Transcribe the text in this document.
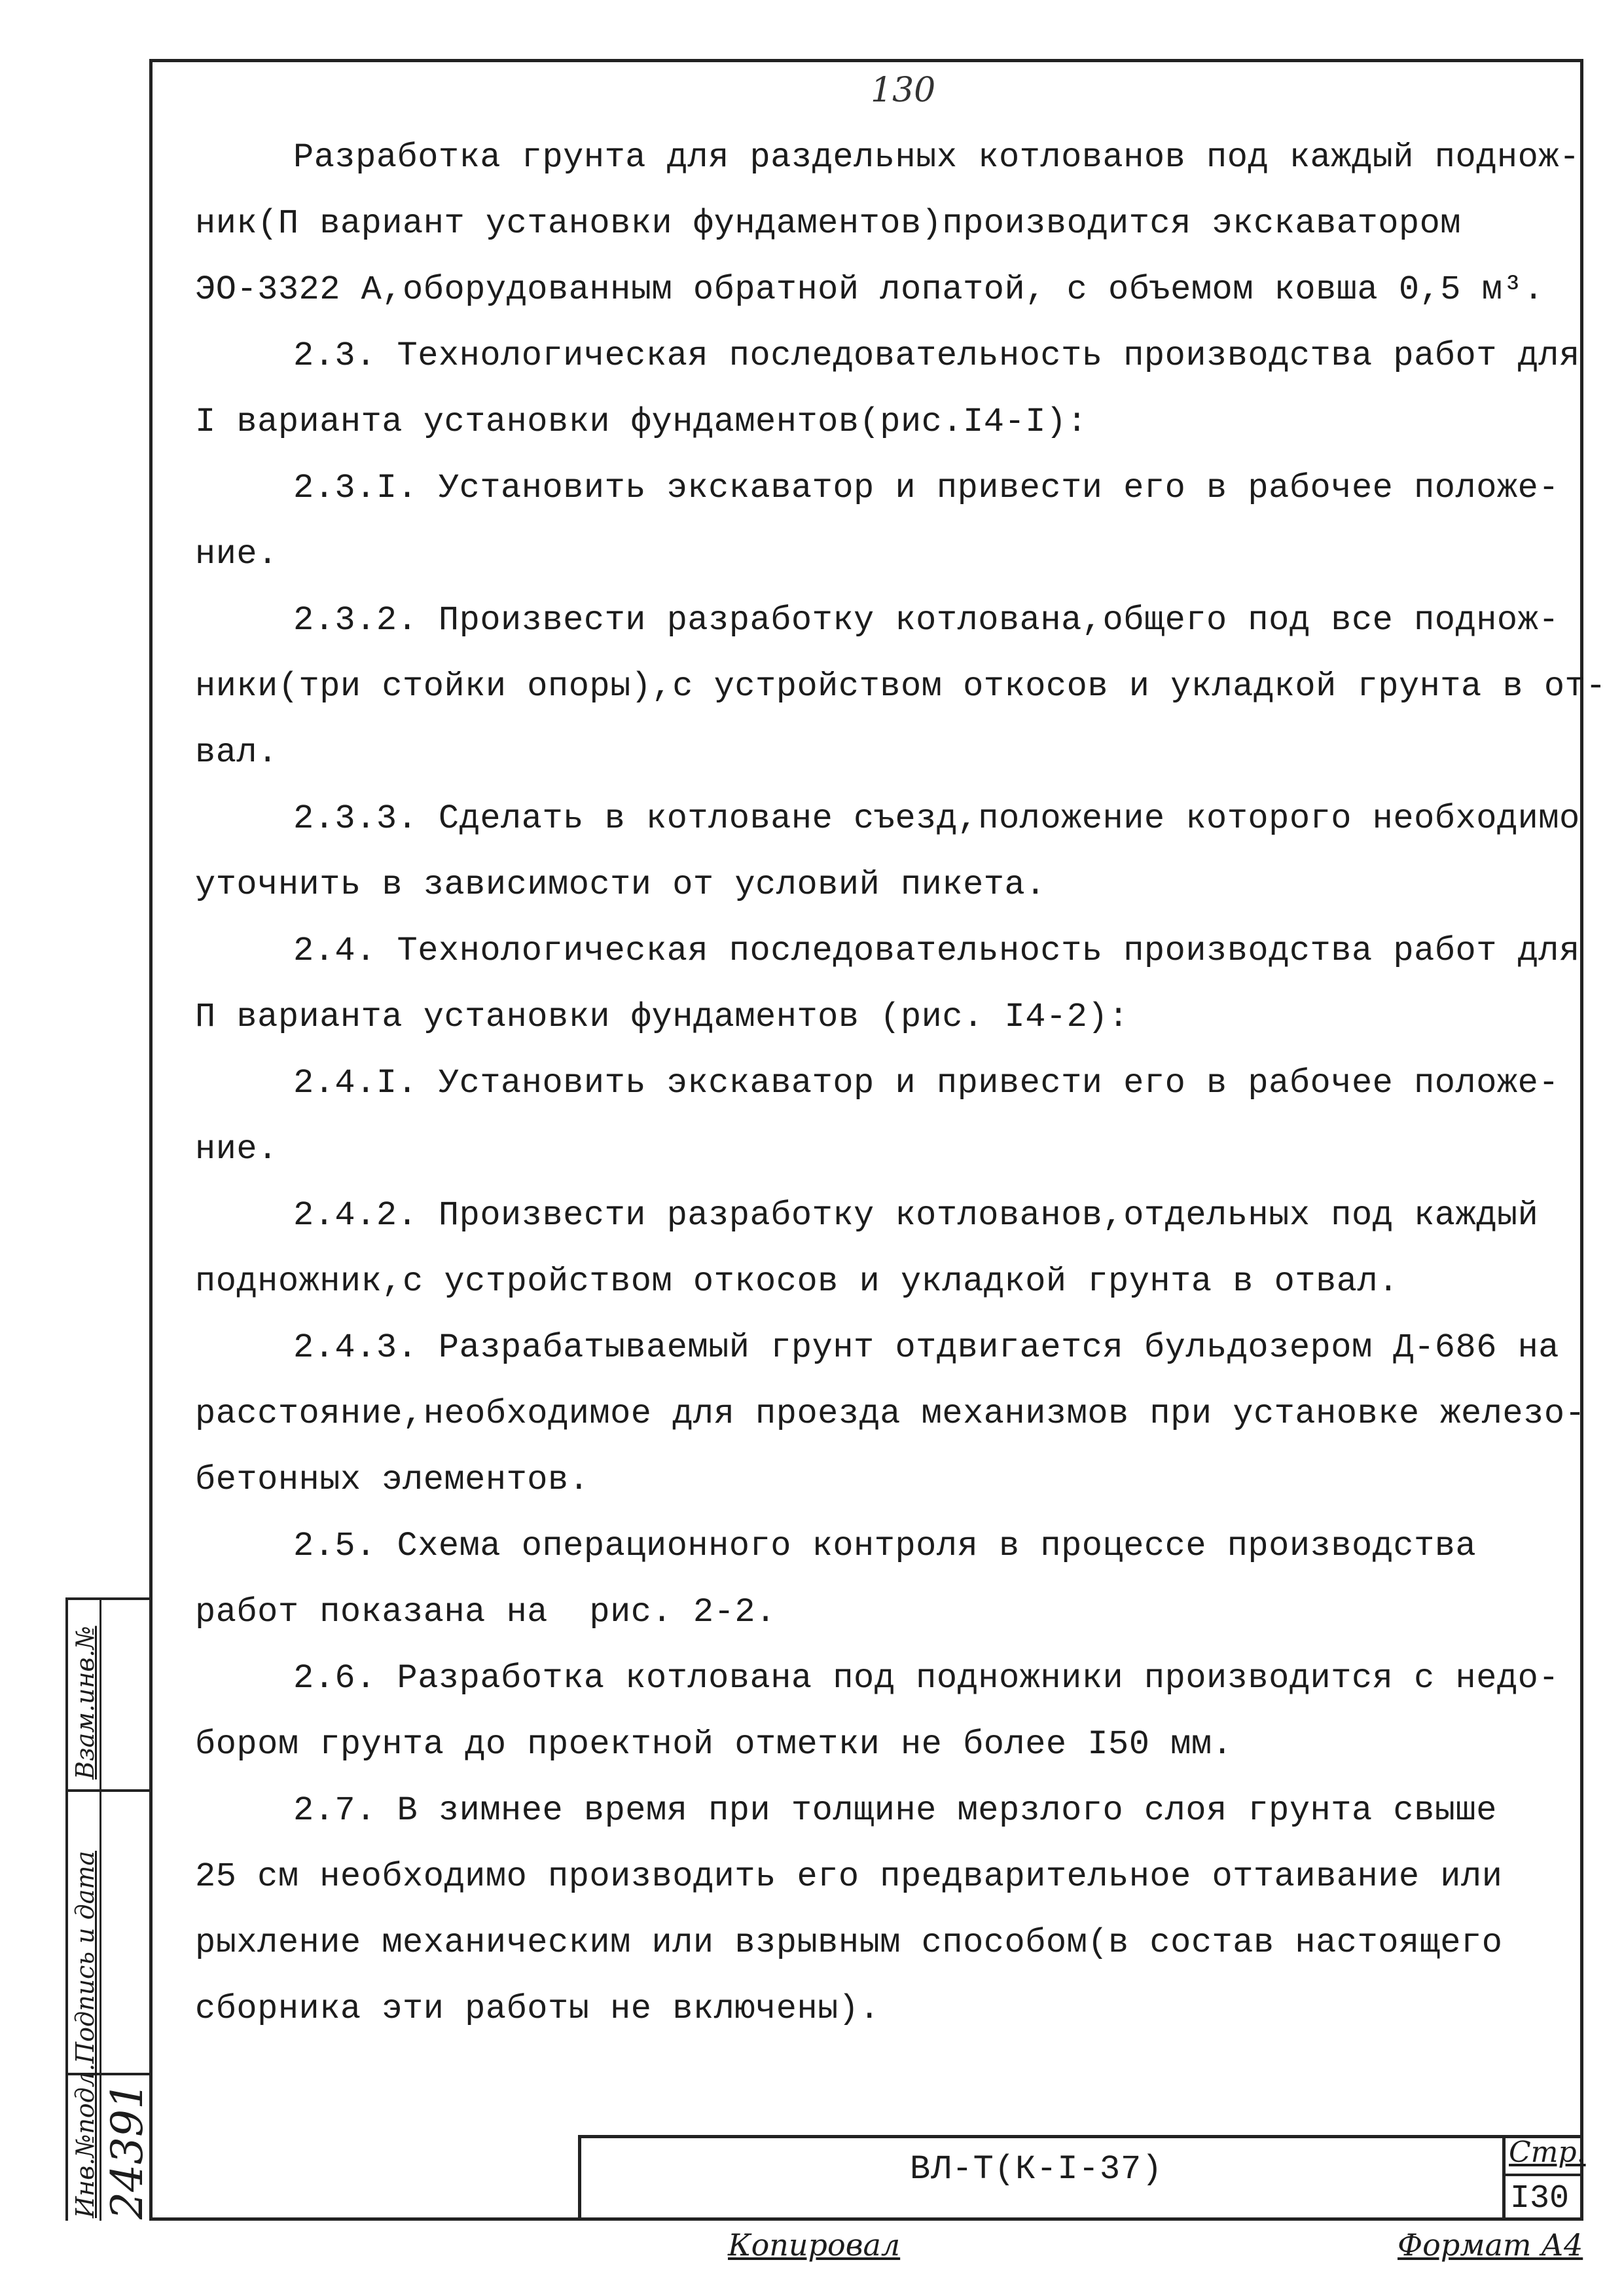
130
Разработка грунта для раздельных котлованов под каждый поднож-
ник(П вариант установки фундаментов)производится экскаватором
ЭО-3322 А,оборудованным обратной лопатой, с объемом ковша 0,5 м³.
2.3. Технологическая последовательность производства работ для
I варианта установки фундаментов(рис.I4-I):
2.3.I. Установить экскаватор и привести его в рабочее положе-
ние.
2.3.2. Произвести разработку котлована,общего под все поднож-
ники(три стойки опоры),с устройством откосов и укладкой грунта в от-
вал.
2.3.3. Сделать в котловане съезд,положение которого необходимо
уточнить в зависимости от условий пикета.
2.4. Технологическая последовательность производства работ для
П варианта установки фундаментов (рис. I4-2):
2.4.I. Установить экскаватор и привести его в рабочее положе-
ние.
2.4.2. Произвести разработку котлованов,отдельных под каждый
подножник,с устройством откосов и укладкой грунта в отвал.
2.4.3. Разрабатываемый грунт отдвигается бульдозером Д-686 на
расстояние,необходимое для проезда механизмов при установке железо-
бетонных элементов.
2.5. Схема операционного контроля в процессе производства
работ показана на  рис. 2-2.
2.6. Разработка котлована под подножники производится с недо-
бором грунта до проектной отметки не более I50 мм.
2.7. В зимнее время при толщине мерзлого слоя грунта свыше
25 см необходимо производить его предварительное оттаивание или
рыхление механическим или взрывным способом(в состав настоящего
сборника эти работы не включены).
Взам.инв.№
Подпись и дата
Инв.№подл. 24391	ВЛ-Т(К-I-37)	Стр.
I30
Копировал	Формат А4
